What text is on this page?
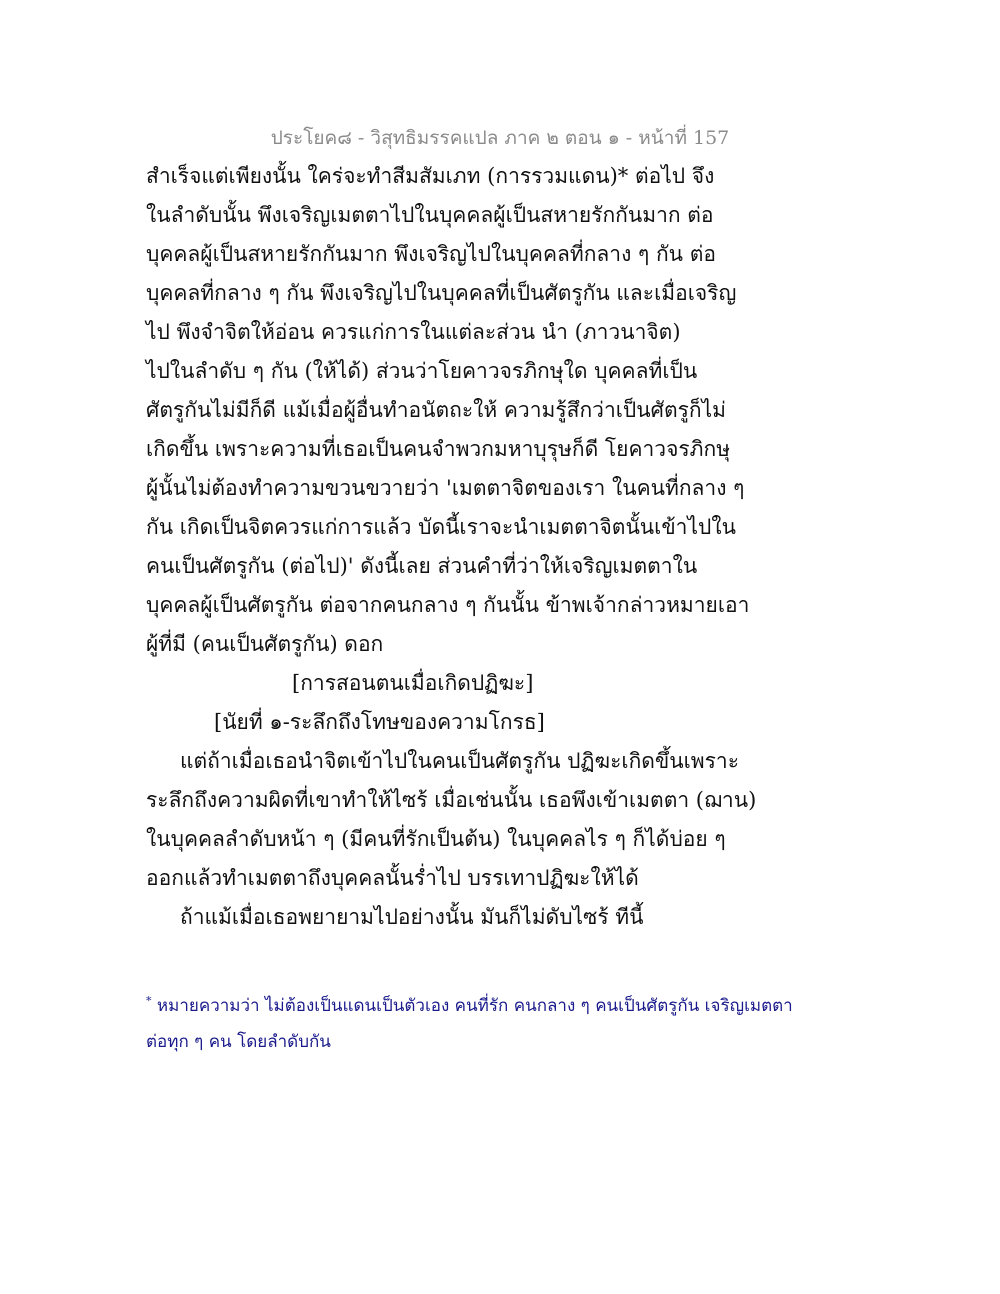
ประโยค๘ - วิสุทธิมรรคแปล ภาค ๒ ตอน ๑ - หน้าที่ 157
สำเร็จแต่เพียงนั้น ใคร่จะทำสีมสัมเภท (การรวมแดน)* ต่อไป จึง
ในลำดับนั้น พึงเจริญเมตตาไปในบุคคลผู้เป็นสหายรักกันมาก ต่อ
บุคคลผู้เป็นสหายรักกันมาก พึงเจริญไปในบุคคลที่กลาง ๆ กัน ต่อ
บุคคลที่กลาง ๆ กัน พึงเจริญไปในบุคคลที่เป็นศัตรูกัน และเมื่อเจริญ
ไป พึงจำจิตให้อ่อน ควรแก่การในแต่ละส่วน นำ (ภาวนาจิต)
ไปในลำดับ ๆ กัน (ให้ได้) ส่วนว่าโยคาวจรภิกษุใด บุคคลที่เป็น
ศัตรูกันไม่มีก็ดี แม้เมื่อผู้อื่นทำอนัตถะให้ ความรู้สึกว่าเป็นศัตรูก็ไม่
เกิดขึ้น เพราะความที่เธอเป็นคนจำพวกมหาบุรุษก็ดี โยคาวจรภิกษุ
ผู้นั้นไม่ต้องทำความขวนขวายว่า 'เมตตาจิตของเรา ในคนที่กลาง ๆ
กัน เกิดเป็นจิตควรแก่การแล้ว บัดนี้เราจะนำเมตตาจิตนั้นเข้าไปใน
คนเป็นศัตรูกัน (ต่อไป)' ดังนี้เลย ส่วนคำที่ว่าให้เจริญเมตตาใน
บุคคลผู้เป็นศัตรูกัน ต่อจากคนกลาง ๆ กันนั้น ข้าพเจ้ากล่าวหมายเอา
ผู้ที่มี (คนเป็นศัตรูกัน) ดอก
[การสอนตนเมื่อเกิดปฏิฆะ]
[นัยที่ ๑-ระลึกถึงโทษของความโกรธ]
แต่ถ้าเมื่อเธอนำจิตเข้าไปในคนเป็นศัตรูกัน ปฏิฆะเกิดขึ้นเพราะ
ระลึกถึงความผิดที่เขาทำให้ไซร้ เมื่อเช่นนั้น เธอพึงเข้าเมตตา (ฌาน)
ในบุคคลลำดับหน้า ๆ (มีคนที่รักเป็นต้น) ในบุคคลไร ๆ ก็ได้บ่อย ๆ
ออกแล้วทำเมตตาถึงบุคคลนั้นร่ำไป บรรเทาปฏิฆะให้ได้
ถ้าแม้เมื่อเธอพยายามไปอย่างนั้น มันก็ไม่ดับไซร้ ทีนี้
* หมายความว่า ไม่ต้องเป็นแดนเป็นตัวเอง คนที่รัก คนกลาง ๆ คนเป็นศัตรูกัน เจริญเมตตา
ต่อทุก ๆ คน โดยลำดับกัน
